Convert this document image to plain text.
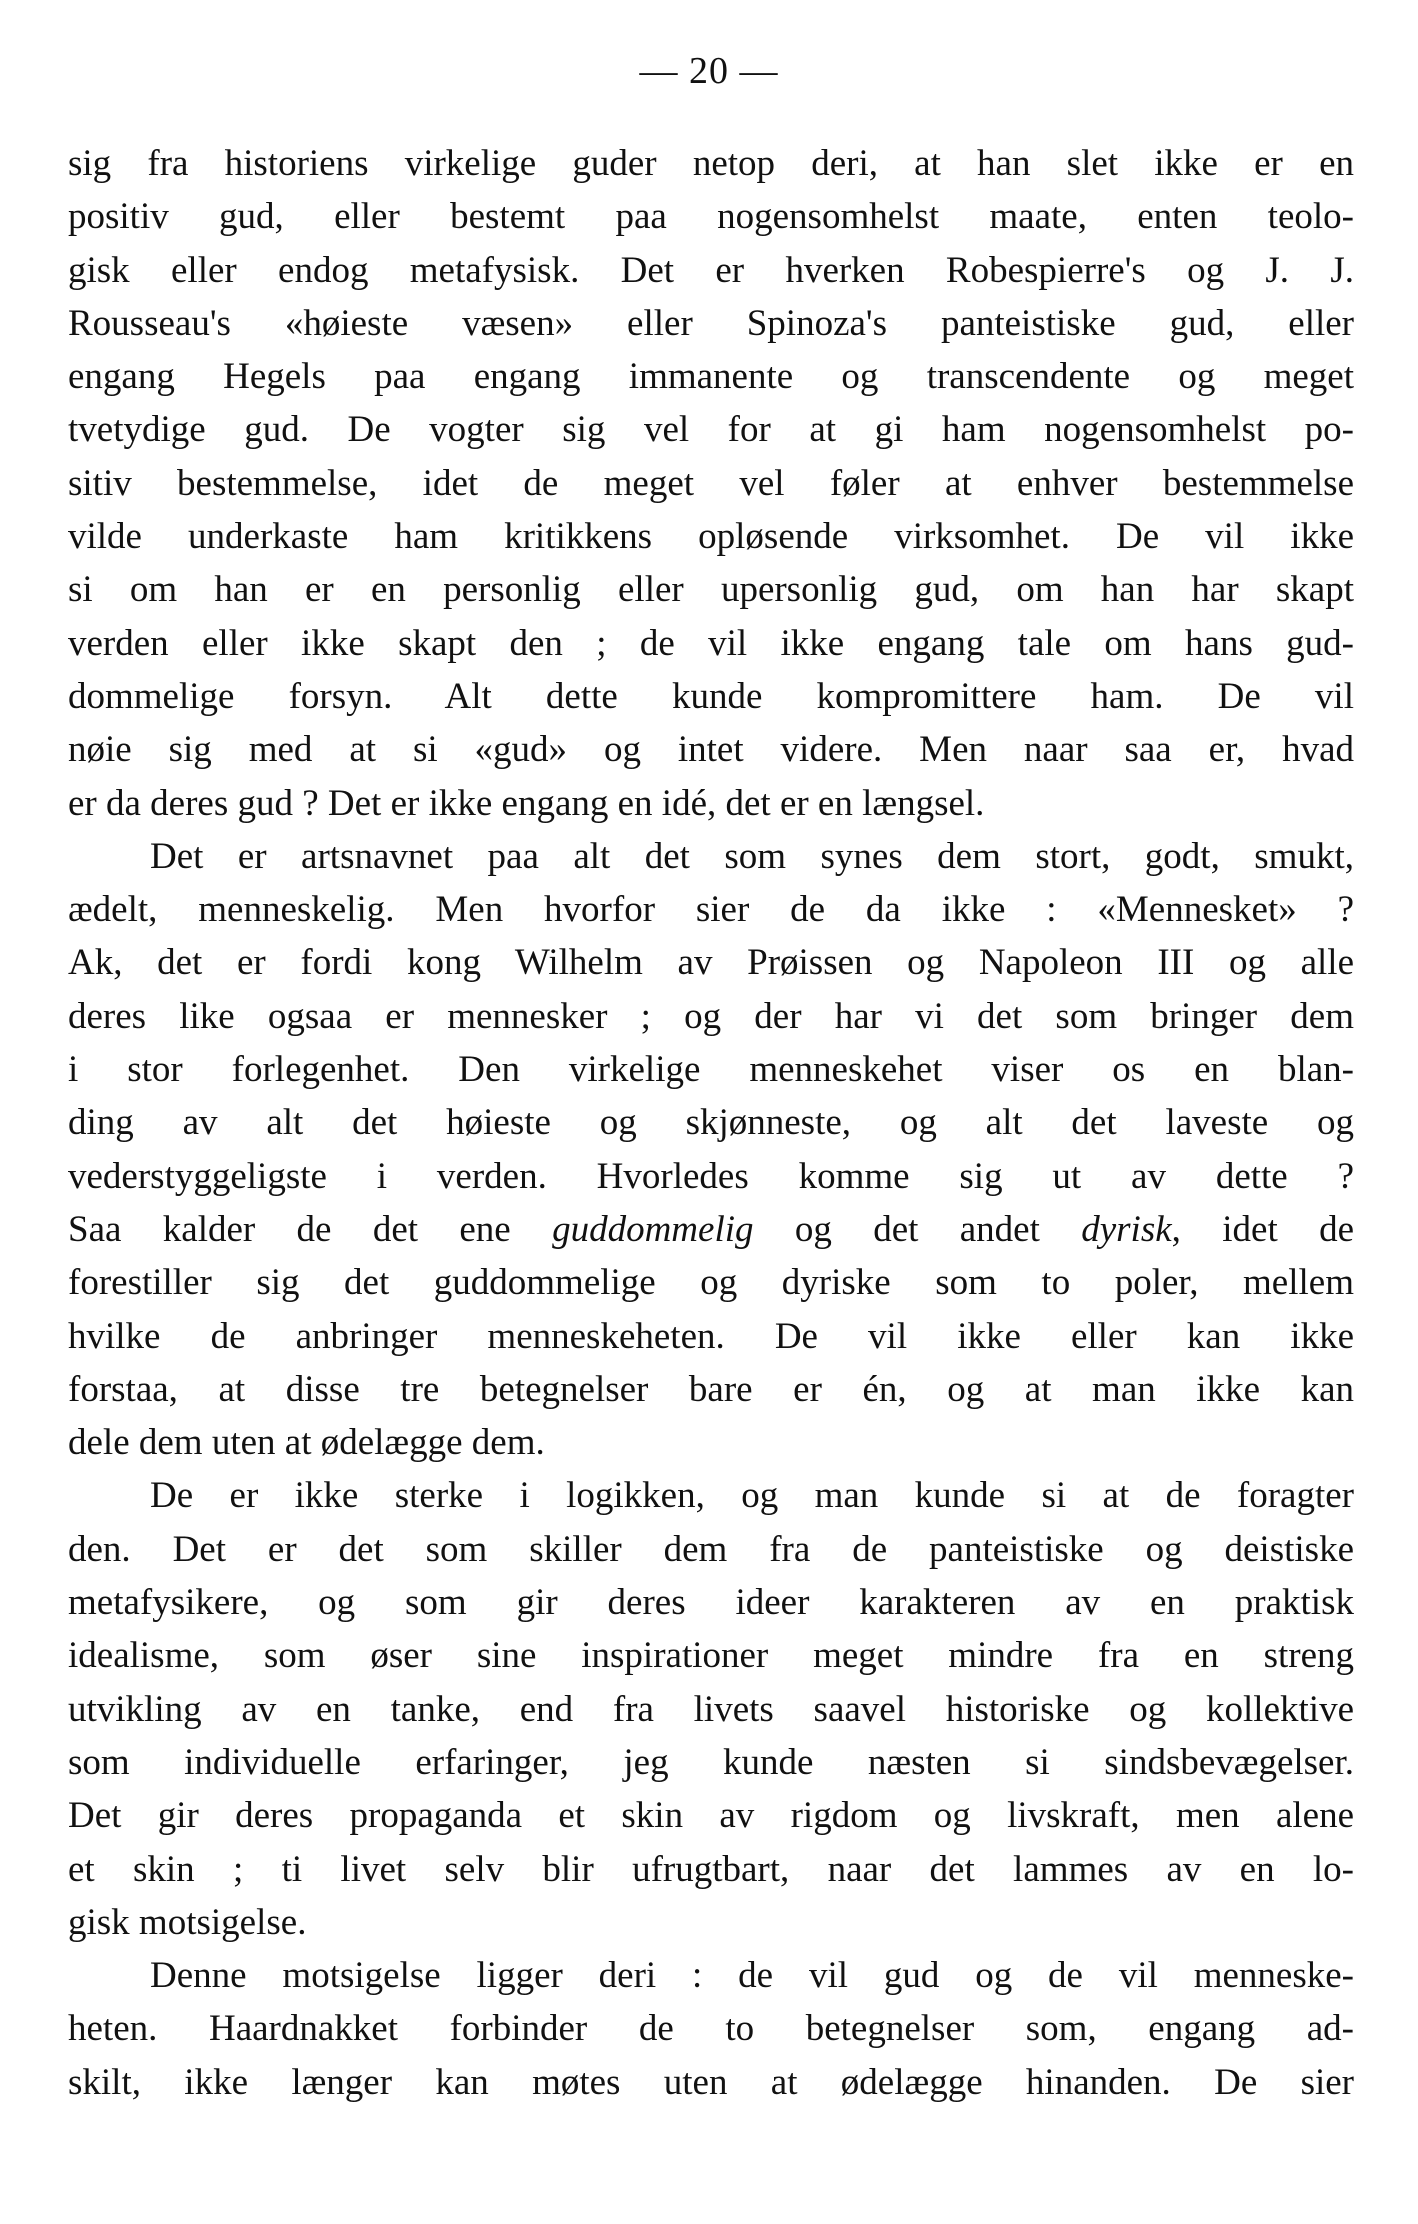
— 20 —
sig fra historiens virkelige guder netop deri, at han slet ikke er en
positiv gud, eller bestemt paa nogensomhelst maate, enten teolo-
gisk eller endog metafysisk. Det er hverken Robespierre's og J. J.
Rousseau's «høieste væsen» eller Spinoza's panteistiske gud, eller
engang Hegels paa engang immanente og transcendente og meget
tvetydige gud. De vogter sig vel for at gi ham nogensomhelst po-
sitiv bestemmelse, idet de meget vel føler at enhver bestemmelse
vilde underkaste ham kritikkens opløsende virksomhet. De vil ikke
si om han er en personlig eller upersonlig gud, om han har skapt
verden eller ikke skapt den ; de vil ikke engang tale om hans gud-
dommelige forsyn. Alt dette kunde kompromittere ham. De vil
nøie sig med at si «gud» og intet videre. Men naar saa er, hvad
er da deres gud ? Det er ikke engang en idé, det er en længsel.
Det er artsnavnet paa alt det som synes dem stort, godt, smukt,
ædelt, menneskelig. Men hvorfor sier de da ikke : «Mennesket» ?
Ak, det er fordi kong Wilhelm av Prøissen og Napoleon III og alle
deres like ogsaa er mennesker ; og der har vi det som bringer dem
i stor forlegenhet. Den virkelige menneskehet viser os en blan-
ding av alt det høieste og skjønneste, og alt det laveste og
vederstyggeligste i verden. Hvorledes komme sig ut av dette ?
Saa kalder de det ene guddommelig og det andet dyrisk, idet de
forestiller sig det guddommelige og dyriske som to poler, mellem
hvilke de anbringer menneskeheten. De vil ikke eller kan ikke
forstaa, at disse tre betegnelser bare er én, og at man ikke kan
dele dem uten at ødelægge dem.
De er ikke sterke i logikken, og man kunde si at de foragter
den. Det er det som skiller dem fra de panteistiske og deistiske
metafysikere, og som gir deres ideer karakteren av en praktisk
idealisme, som øser sine inspirationer meget mindre fra en streng
utvikling av en tanke, end fra livets saavel historiske og kollektive
som individuelle erfaringer, jeg kunde næsten si sindsbevægelser.
Det gir deres propaganda et skin av rigdom og livskraft, men alene
et skin ; ti livet selv blir ufrugtbart, naar det lammes av en lo-
gisk motsigelse.
Denne motsigelse ligger deri : de vil gud og de vil menneske-
heten. Haardnakket forbinder de to betegnelser som, engang ad-
skilt, ikke længer kan møtes uten at ødelægge hinanden. De sier
